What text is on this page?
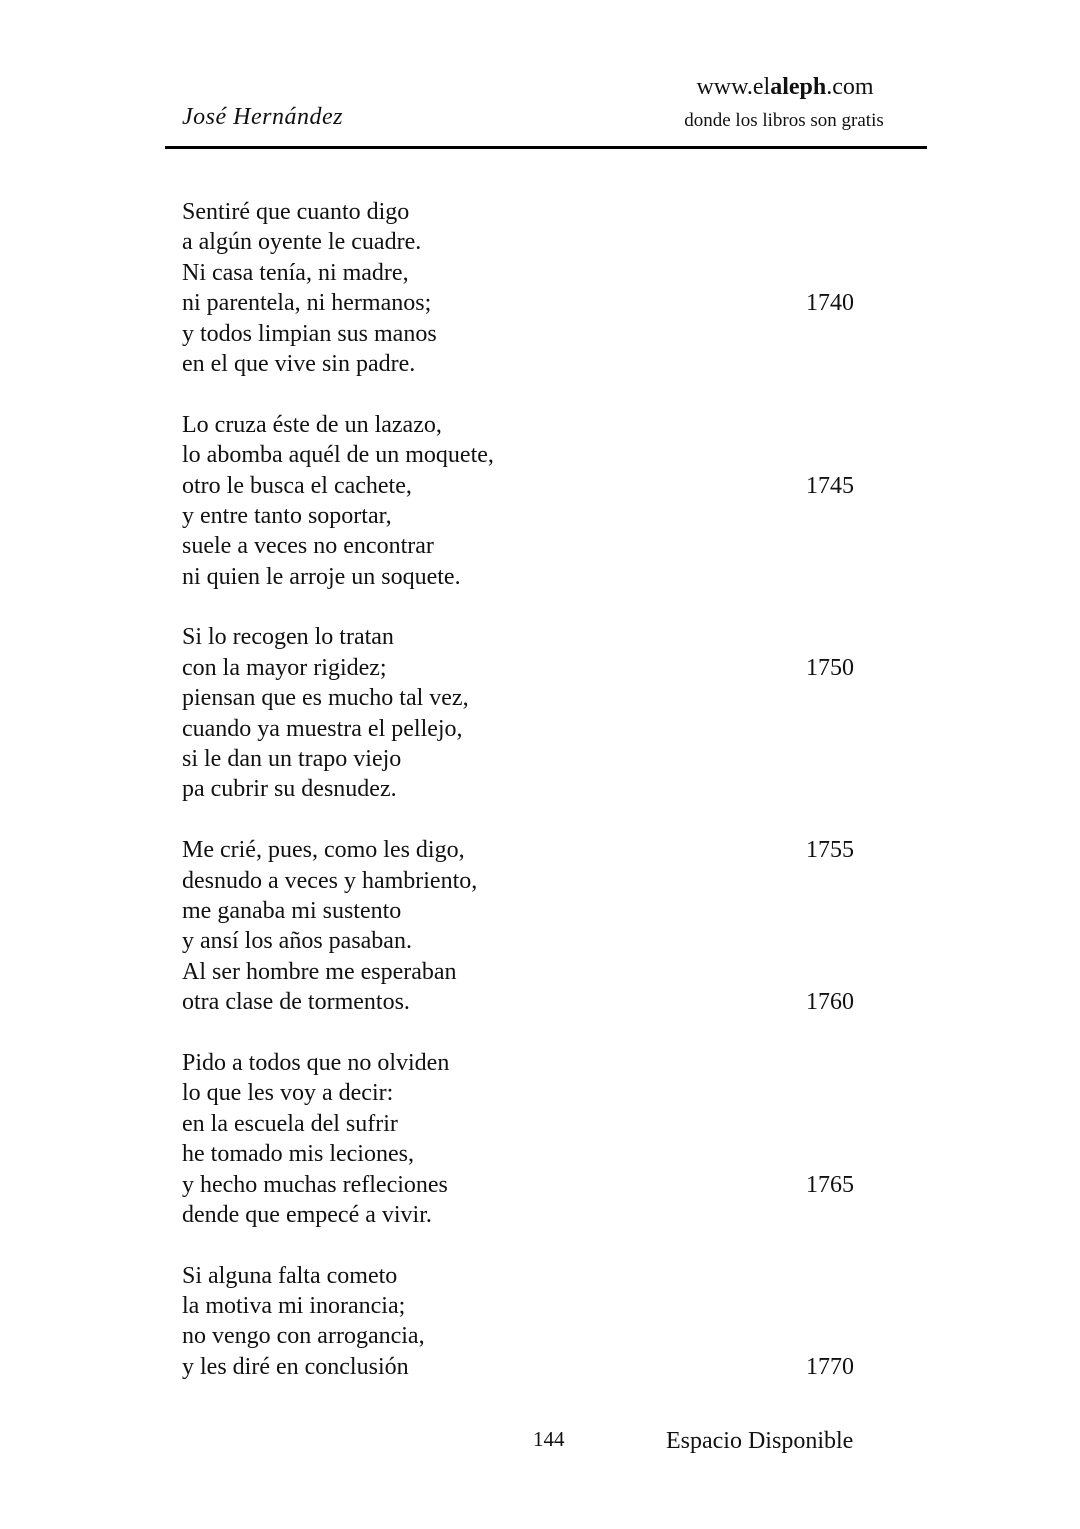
José Hernández
www.elaleph.com
donde los libros son gratis
Sentiré que cuanto digo
a algún oyente le cuadre.
Ni casa tenía, ni madre,
ni parentela, ni hermanos;	1740
y todos limpian sus manos
en el que vive sin padre.
Lo cruza éste de un lazazo,
lo abomba aquél de un moquete,
otro le busca el cachete,	1745
y entre tanto soportar,
suele a veces no encontrar
ni quien le arroje un soquete.
Si lo recogen lo tratan
con la mayor rigidez;	1750
piensan que es mucho tal vez,
cuando ya muestra el pellejo,
si le dan un trapo viejo
pa cubrir su desnudez.
Me crié, pues, como les digo,	1755
desnudo a veces y hambriento,
me ganaba mi sustento
y ansí los años pasaban.
Al ser hombre me esperaban
otra clase de tormentos.	1760
Pido a todos que no olviden
lo que les voy a decir:
en la escuela del sufrir
he tomado mis leciones,
y hecho muchas refleciones	1765
dende que empecé a vivir.
Si alguna falta cometo
la motiva mi inorancia;
no vengo con arrogancia,
y les diré en conclusión	1770
144	Espacio Disponible
